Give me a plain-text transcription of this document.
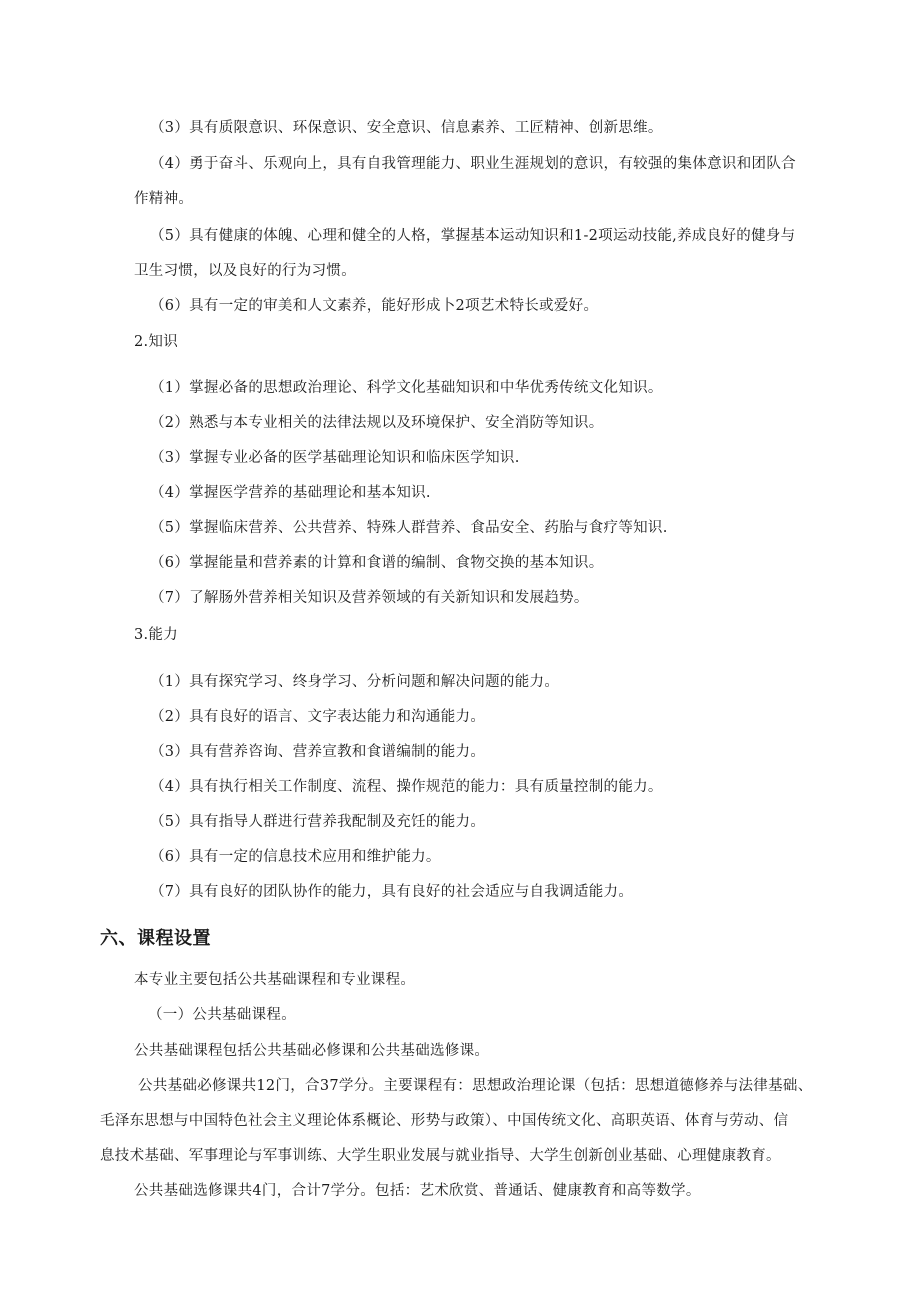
（3）具有质限意识、环保意识、安全意识、信息素养、工匠精神、创新思维。
（4）勇于奋斗、乐观向上，具有自我管理能力、职业生涯规划的意识，有较强的集体意识和团队合
作精神。
（5）具有健康的体魄、心理和健全的人格，掌握基本运动知识和1-2项运动技能,养成良好的健身与
卫生习惯，以及良好的行为习惯。
（6）具有一定的审美和人文素养，能好形成卜2项艺术特长或爱好。
2.知识
（1）掌握必备的思想政治理论、科学文化基础知识和中华优秀传统文化知识。
（2）熟悉与本专业相关的法律法规以及环境保护、安全消防等知识。
（3）掌握专业必备的医学基础理论知识和临床医学知识.
（4）掌握医学营养的基础理论和基本知识.
（5）掌握临床营养、公共营养、特殊人群营养、食品安全、药胎与食疗等知识.
（6）掌握能量和营养素的计算和食谱的编制、食物交换的基本知识。
（7）了解肠外营养相关知识及营养领域的有关新知识和发展趋势。
3.能力
（1）具有探究学习、终身学习、分析问题和解决问题的能力。
（2）具有良好的语言、文字表达能力和沟通能力。
（3）具有营养咨询、营养宣教和食谱编制的能力。
（4）具有执行相关工作制度、流程、操作规范的能力：具有质量控制的能力。
（5）具有指导人群进行营养我配制及充饪的能力。
（6）具有一定的信息技术应用和维护能力。
（7）具有良好的团队协作的能力，具有良好的社会适应与自我调适能力。
六、课程设置
本专业主要包括公共基础课程和专业课程。
（一）公共基础课程。
公共基础课程包括公共基础必修课和公共基础选修课。
公共基础必修课共12门，合37学分。主要课程有：思想政治理论课（包括：思想道德修养与法律基础、
毛泽东思想与中国特色社会主义理论体系概论、形势与政策）、中国传统文化、高职英语、体育与劳动、信
息技术基础、军事理论与军事训练、大学生职业发展与就业指导、大学生创新创业基础、心理健康教育。
公共基础选修课共4门，合计7学分。包括：艺术欣赏、普通话、健康教育和高等数学。
